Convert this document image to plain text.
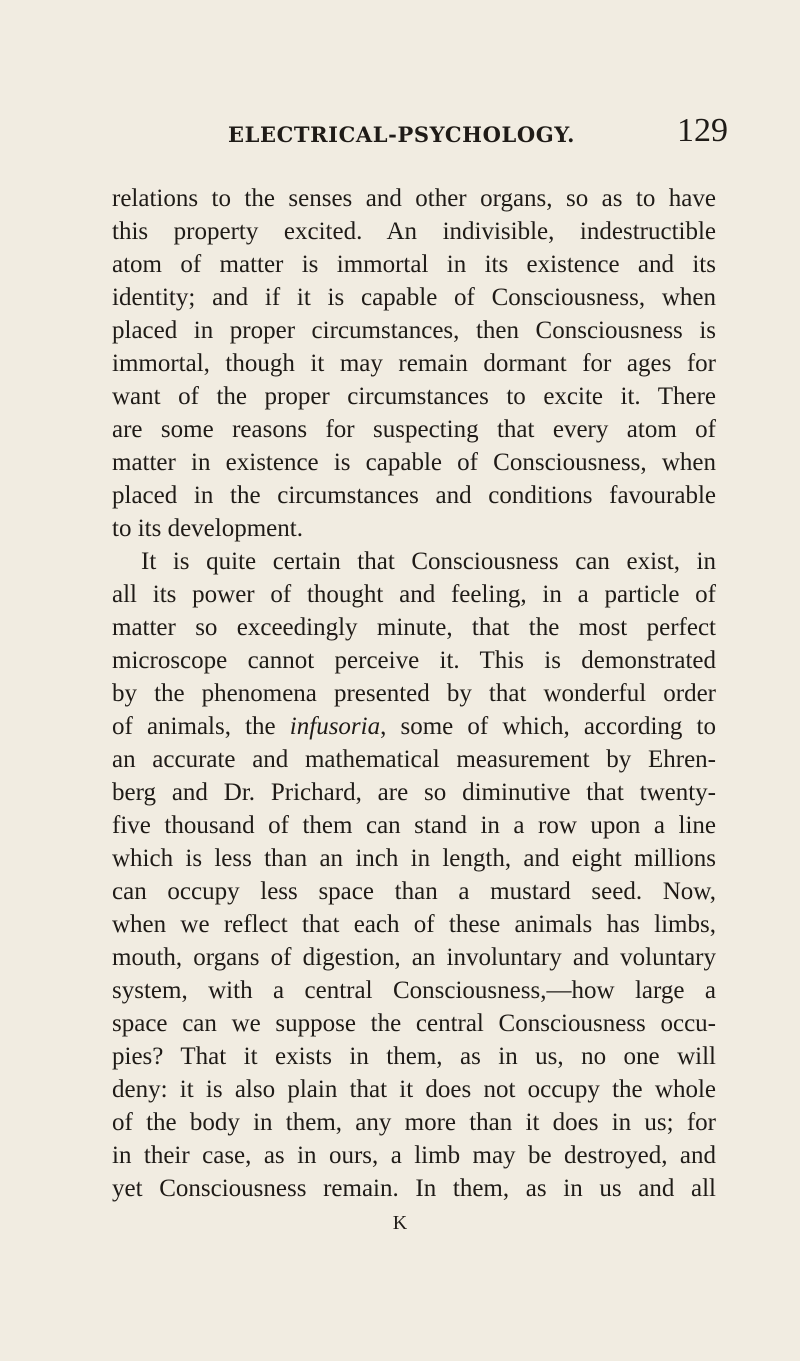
ELECTRICAL-PSYCHOLOGY.	129
relations to the senses and other organs, so as to have
this property excited. An indivisible, indestructible
atom of matter is immortal in its existence and its
identity; and if it is capable of Consciousness, when
placed in proper circumstances, then Consciousness is
immortal, though it may remain dormant for ages for
want of the proper circumstances to excite it. There
are some reasons for suspecting that every atom of
matter in existence is capable of Consciousness, when
placed in the circumstances and conditions favourable
to its development.
It is quite certain that Consciousness can exist, in
all its power of thought and feeling, in a particle of
matter so exceedingly minute, that the most perfect
microscope cannot perceive it. This is demonstrated
by the phenomena presented by that wonderful order
of animals, the infusoria, some of which, according to
an accurate and mathematical measurement by Ehren-
berg and Dr. Prichard, are so diminutive that twenty-
five thousand of them can stand in a row upon a line
which is less than an inch in length, and eight millions
can occupy less space than a mustard seed. Now,
when we reflect that each of these animals has limbs,
mouth, organs of digestion, an involuntary and voluntary
system, with a central Consciousness,—how large a
space can we suppose the central Consciousness occu-
pies? That it exists in them, as in us, no one will
deny: it is also plain that it does not occupy the whole
of the body in them, any more than it does in us; for
in their case, as in ours, a limb may be destroyed, and
yet Consciousness remain. In them, as in us and all
K
